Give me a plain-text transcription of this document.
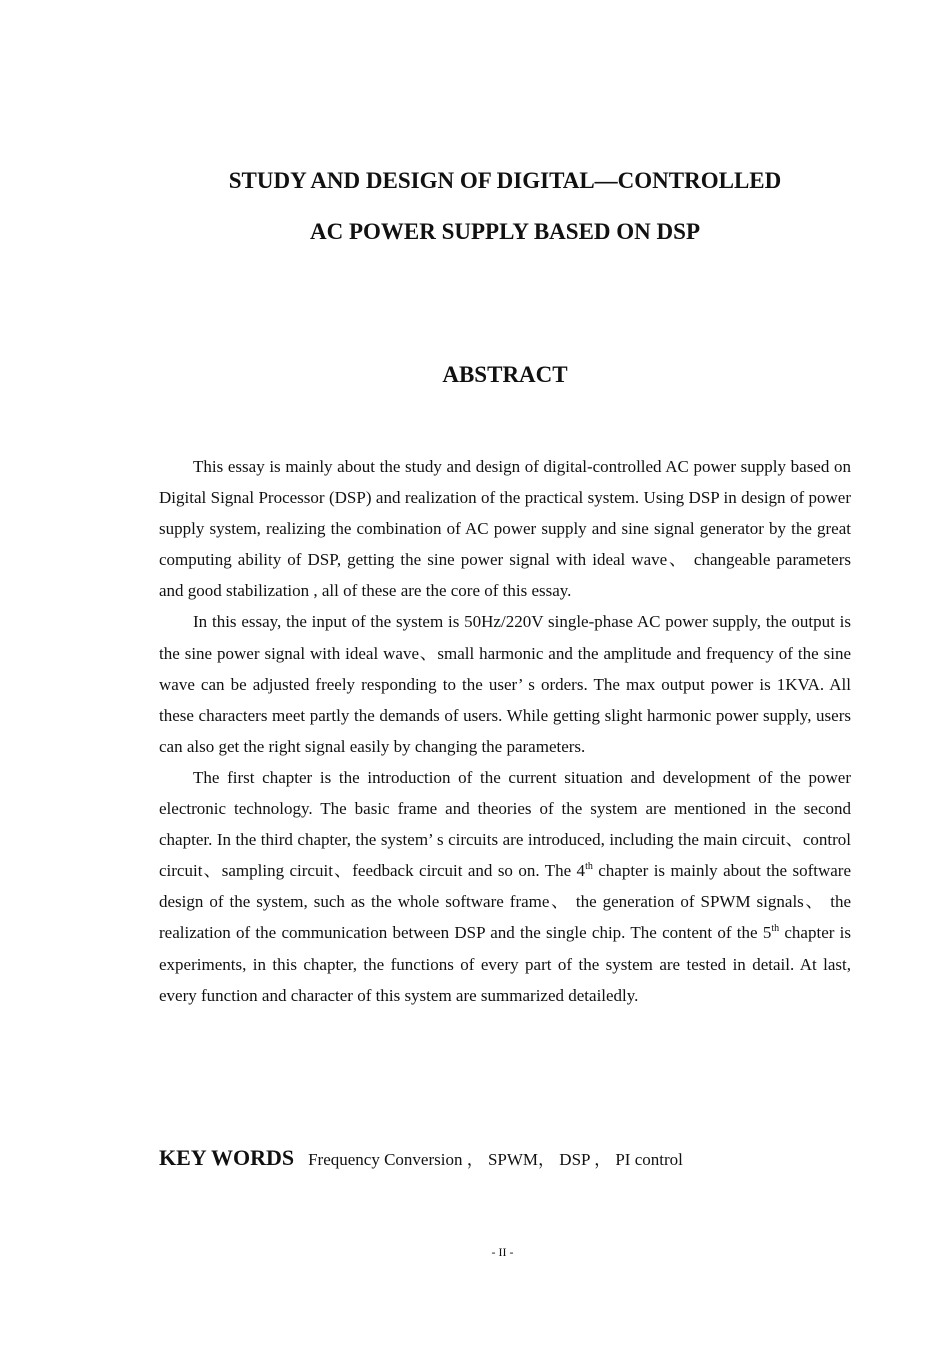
STUDY AND DESIGN OF DIGITAL—CONTROLLED
AC POWER SUPPLY BASED ON DSP
ABSTRACT

This essay is mainly about the study and design of digital-controlled AC power supply based on Digital Signal Processor (DSP) and realization of the practical system. Using DSP in design of power supply system, realizing the combination of AC power supply and sine signal generator by the great computing ability of DSP, getting the sine power signal with ideal wave、 changeable parameters and good stabilization , all of these are the core of this essay.

In this essay, the input of the system is 50Hz/220V single-phase AC power supply, the output is the sine power signal with ideal wave、small harmonic and the amplitude and frequency of the sine wave can be adjusted freely responding to the user’ s orders. The max output power is 1KVA. All these characters meet partly the demands of users. While getting slight harmonic power supply, users can also get the right signal easily by changing the parameters.

The first chapter is the introduction of the current situation and development of the power electronic technology. The basic frame and theories of the system are mentioned in the second chapter. In the third chapter, the system’ s circuits are introduced, including the main circuit、control circuit、sampling circuit、feedback circuit and so on. The 4th chapter is mainly about the software design of the system, such as the whole software frame、 the generation of SPWM signals、 the realization of the communication between DSP and the single chip. The content of the 5th chapter is experiments, in this chapter, the functions of every part of the system are tested in detail. At last, every function and character of this system are summarized detailedly.

KEY WORDS Frequency Conversion ， SPWM， DSP ， PI control
- II -
